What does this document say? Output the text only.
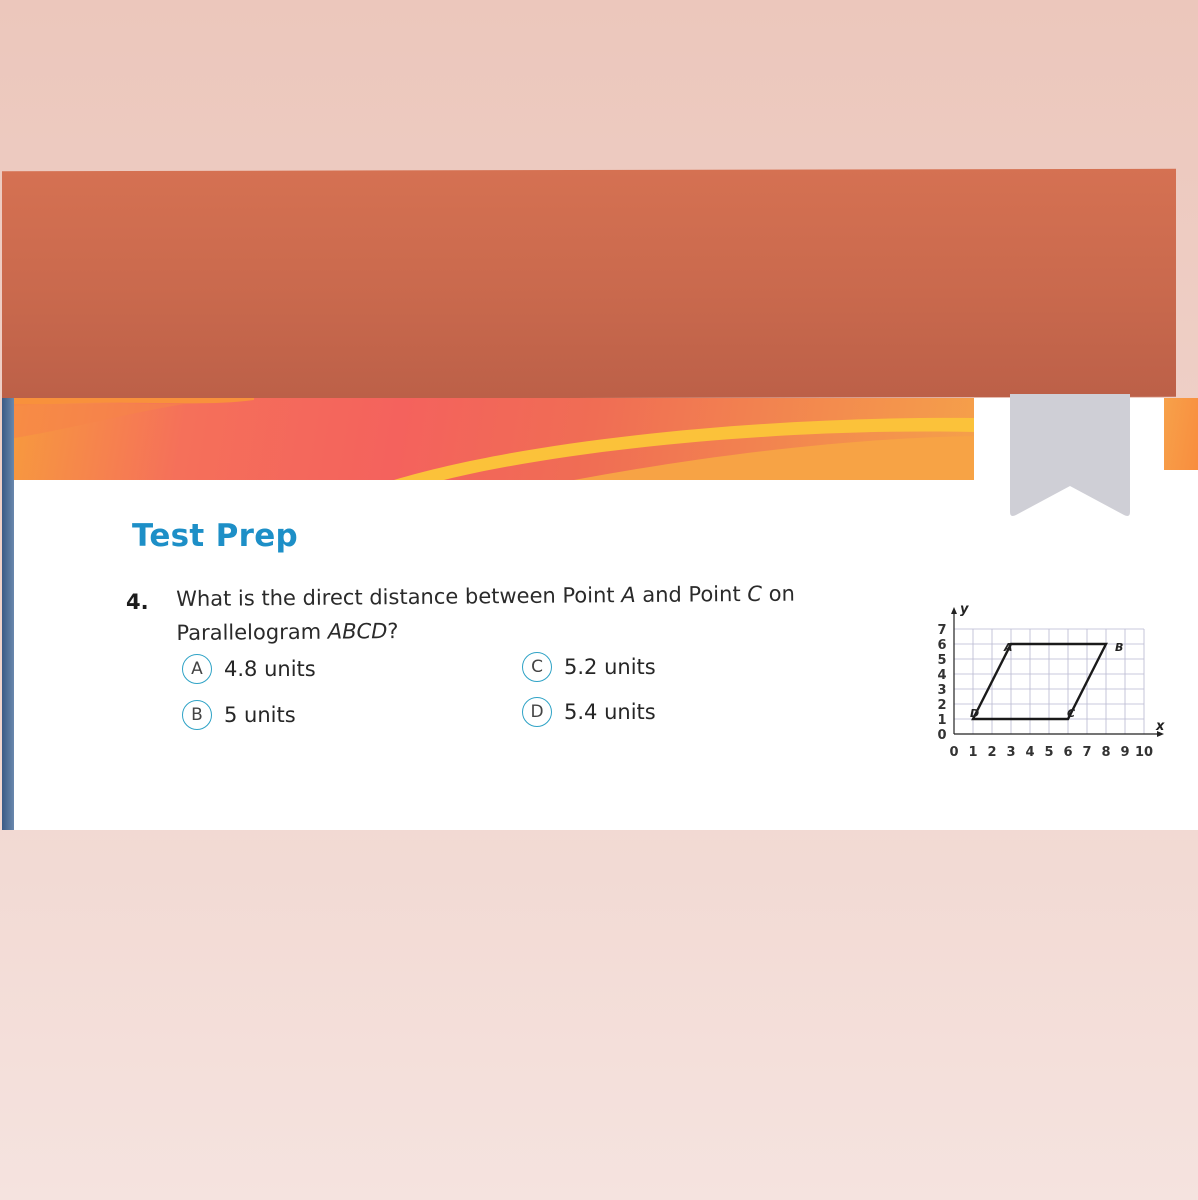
Test Prep
4. What is the direct distance between Point A and Point C on
Parallelogram ABCD?
A	4.8 units
B	5 units
C	5.2 units
D 5.4 units
y
x
0 1 2 3 4 5 6 7 8 9 10
0
1
2
3
4
5
6
7
A	B
C
D
